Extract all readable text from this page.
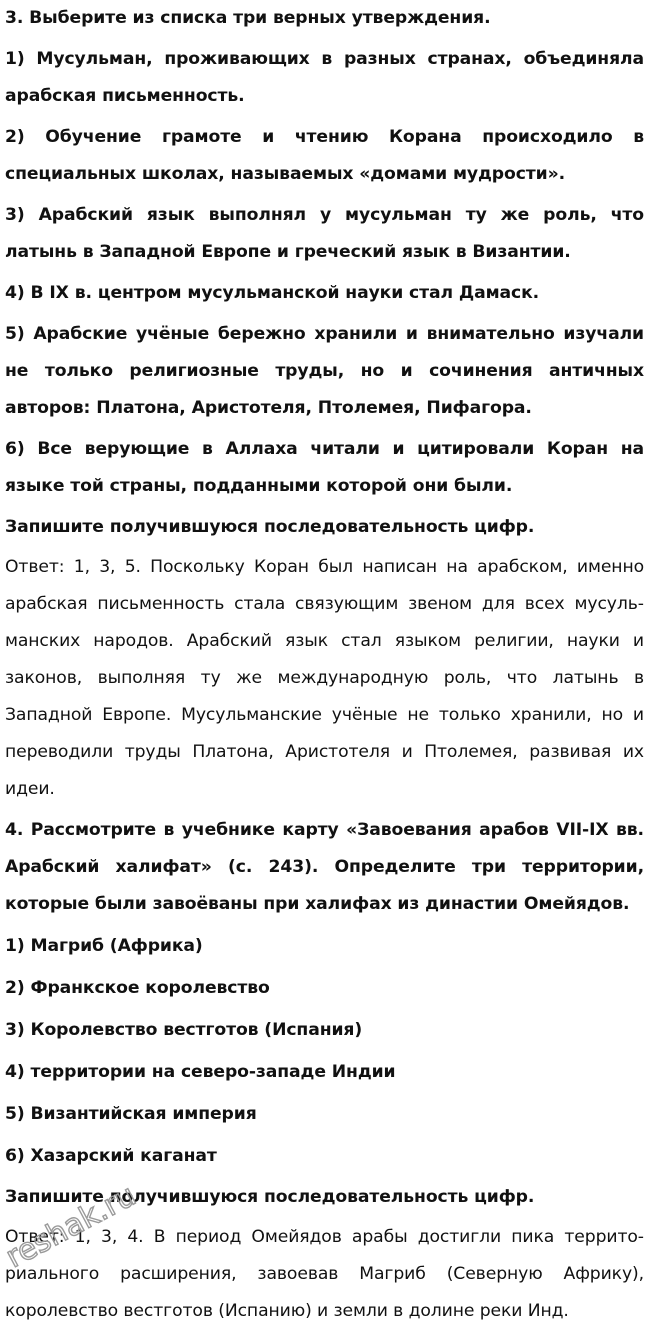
3. Выберите из списка три верных утверждения.

1) Мусульман, проживающих в разных странах, объединяла арабская письменность.

2) Обучение грамоте и чтению Корана происходило в специальных школах, называемых «домами мудрости».

3) Арабский язык выполнял у мусульман ту же роль, что латынь в Западной Европе и греческий язык в Византии.

4) В IX в. центром мусульманской науки стал Дамаск.

5) Арабские учёные бережно хранили и внимательно изучали не только религиозные труды, но и сочинения античных авторов: Платона, Аристотеля, Птолемея, Пифагора.

6) Все верующие в Аллаха читали и цитировали Коран на языке той страны, подданными которой они были.

Запишите получившуюся последовательность цифр.

Ответ: 1, 3, 5. Поскольку Коран был написан на арабском, именно арабская письменность стала связующим звеном для всех мусульманских народов. Арабский язык стал языком религии, науки и законов, выполняя ту же международную роль, что латынь в Западной Европе. Мусульманские учёные не только хранили, но и переводили труды Платона, Аристотеля и Птолемея, развивая их идеи.

4. Рассмотрите в учебнике карту «Завоевания арабов VII-IX вв. Арабский халифат» (с. 243). Определите три территории, которые были завоёваны при халифах из династии Омейядов.

1) Магриб (Африка)

2) Франкское королевство

3) Королевство вестготов (Испания)

4) территории на северо-западе Индии

5) Византийская империя

6) Хазарский каганат

Запишите получившуюся последовательность цифр.

Ответ: 1, 3, 4. В период Омейядов арабы достигли пика территориального расширения, завоевав Магриб (Северную Африку), королевство вестготов (Испанию) и земли в долине реки Инд.

reshak.ru
